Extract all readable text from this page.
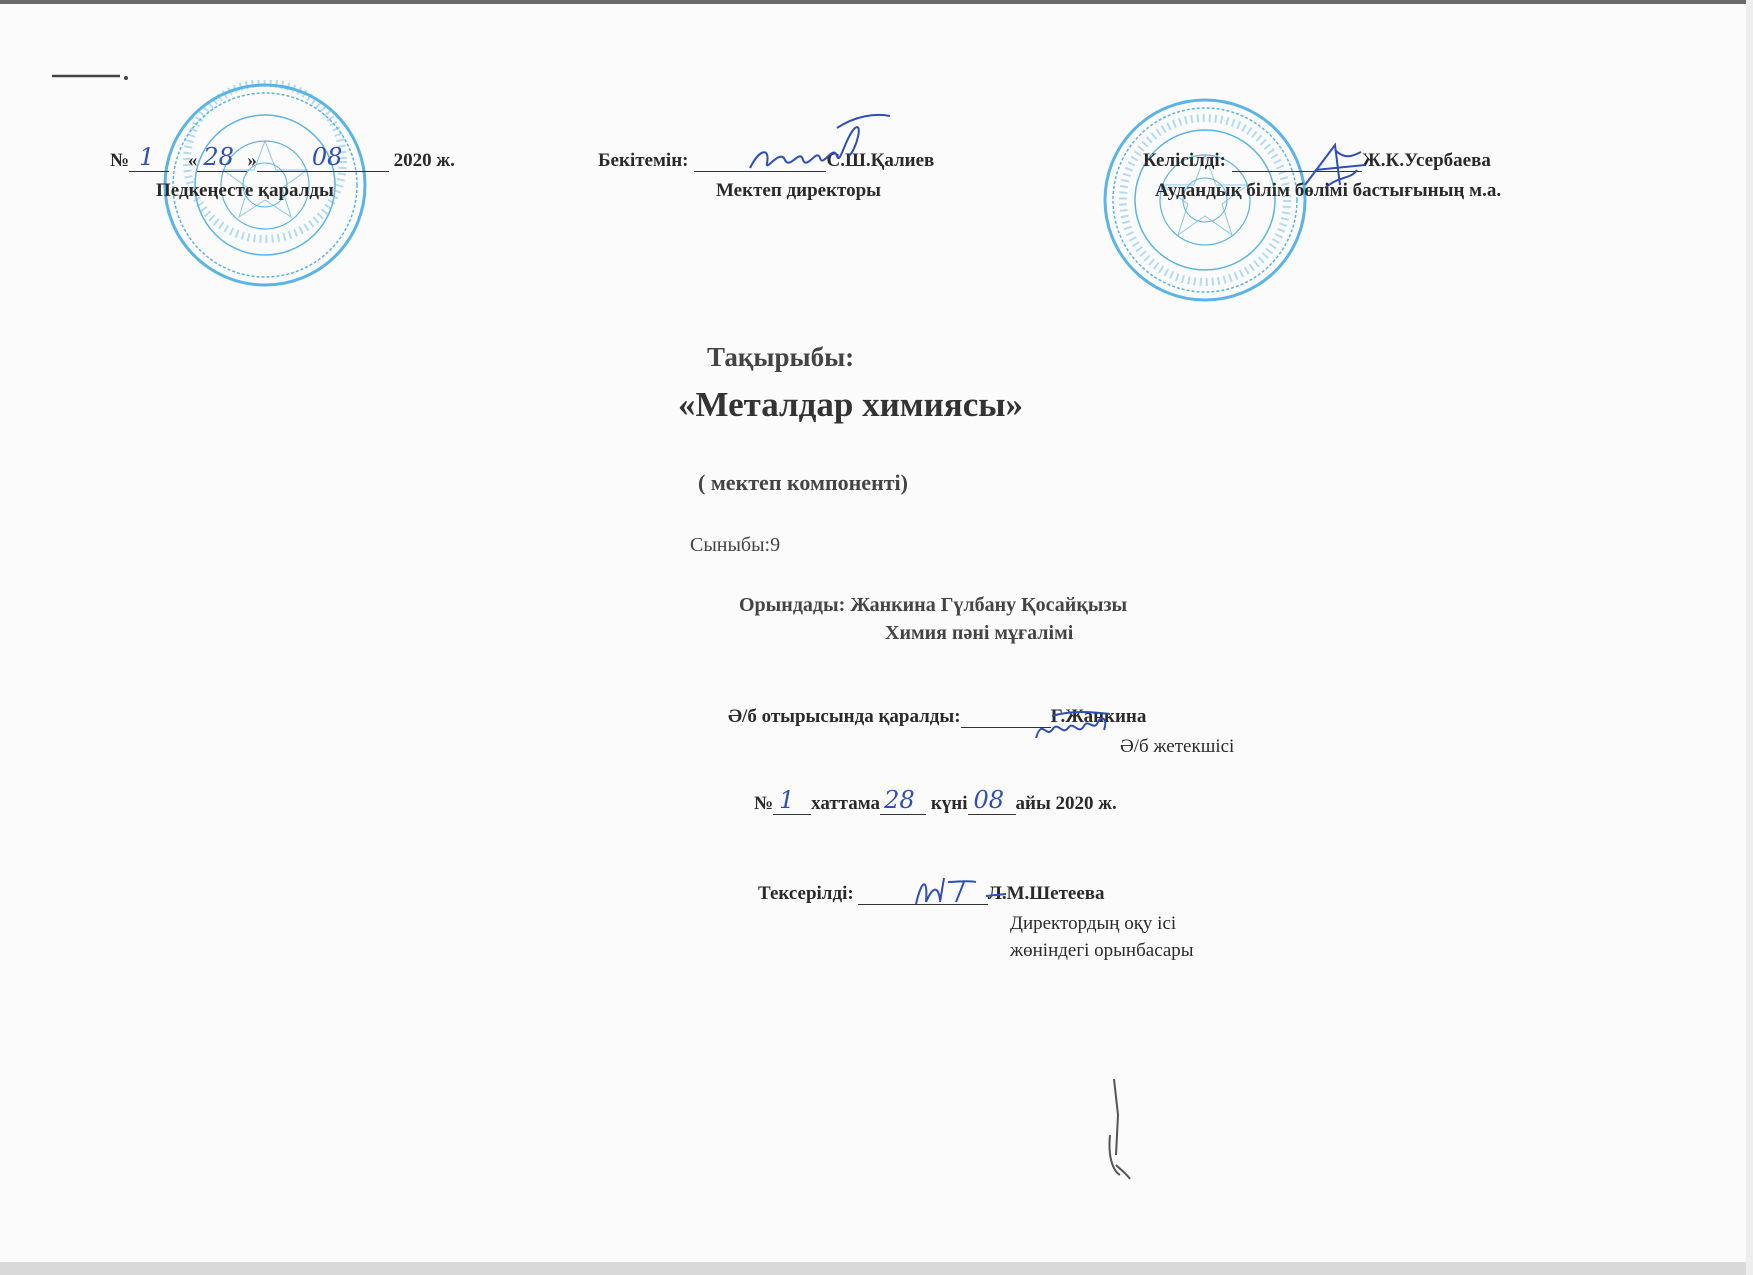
№ 1 « 28 » 08	2020 ж.
Педкеңесте қаралды
Бекітемін:	С.Ш.Қалиев
Мектеп директоры
Келісілді:	Ж.К.Усербаева
Аудандық білім бөлімі бастығының м.а.
Тақырыбы:
«Металдар химиясы»
( мектеп компоненті)
Сыныбы:9
Орындады: Жанкина Гүлбану Қосайқызы
Химия пәні мұғалімі
Ә/б отырысында қаралды:	Г.Жанкина
Ә/б жетекшісі
№ 1 хаттама 28 күні 08 айы 2020 ж.
Тексерілді:	Л.М.Шетеева
Директордың оқу ісі
жөніндегі орынбасары
